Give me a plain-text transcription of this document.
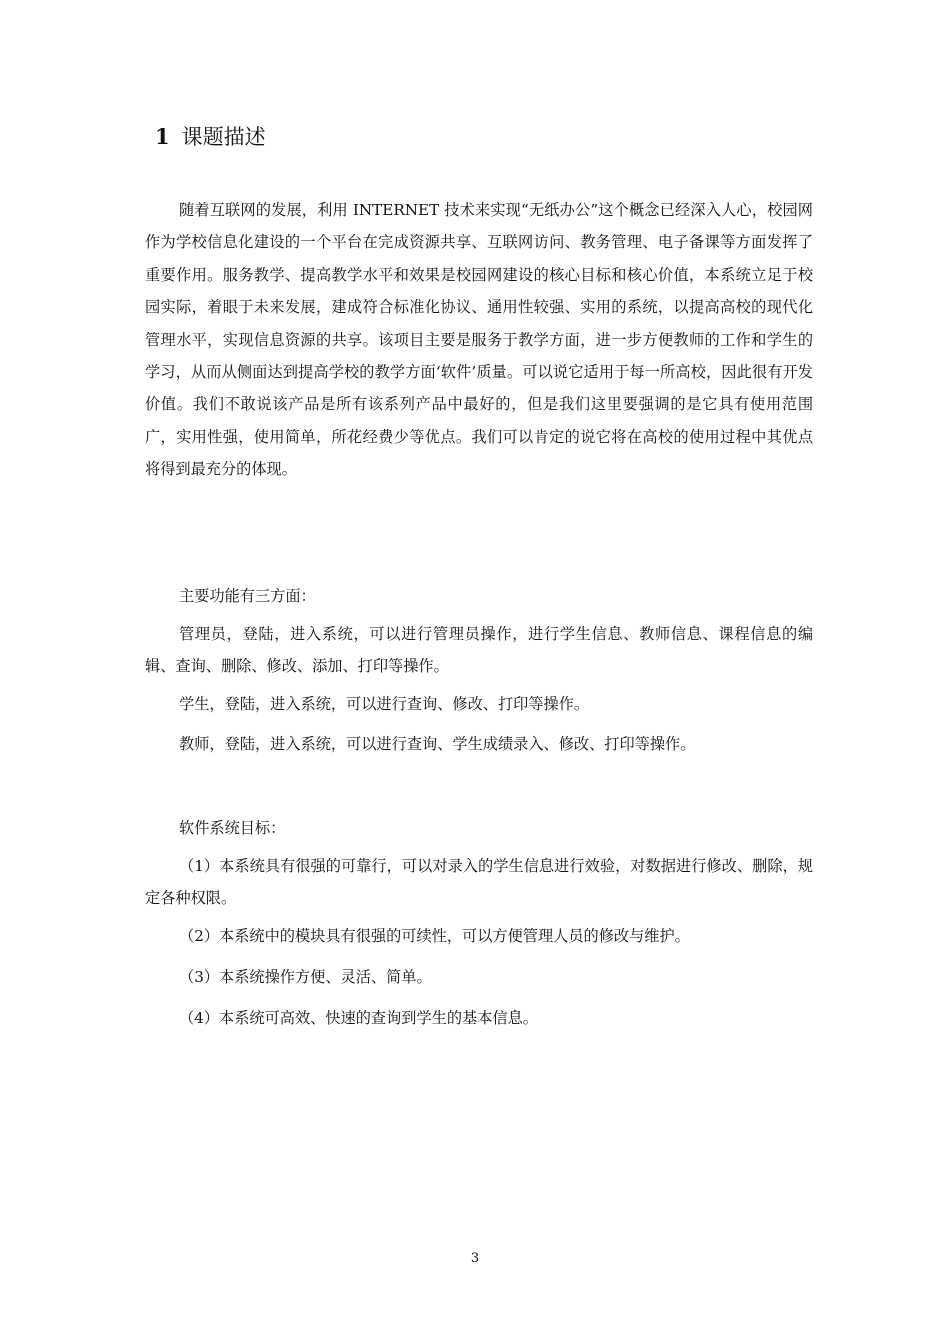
1 课题描述

随着互联网的发展，利用 INTERNET 技术来实现“无纸办公”这个概念已经深入人心，校园网作为学校信息化建设的一个平台在完成资源共享、互联网访问、教务管理、电子备课等方面发挥了重要作用。服务教学、提高教学水平和效果是校园网建设的核心目标和核心价值，本系统立足于校园实际，着眼于未来发展，建成符合标准化协议、通用性较强、实用的系统，以提高高校的现代化管理水平，实现信息资源的共享。该项目主要是服务于教学方面，进一步方便教师的工作和学生的学习，从而从侧面达到提高学校的教学方面‘软件’质量。可以说它适用于每一所高校，因此很有开发价值。我们不敢说该产品是所有该系列产品中最好的，但是我们这里要强调的是它具有使用范围广，实用性强，使用简单，所花经费少等优点。我们可以肯定的说它将在高校的使用过程中其优点将得到最充分的体现。

主要功能有三方面：

管理员，登陆，进入系统，可以进行管理员操作，进行学生信息、教师信息、课程信息的编辑、查询、删除、修改、添加、打印等操作。

学生，登陆，进入系统，可以进行查询、修改、打印等操作。

教师，登陆，进入系统，可以进行查询、学生成绩录入、修改、打印等操作。

软件系统目标：

（1）本系统具有很强的可靠行，可以对录入的学生信息进行效验，对数据进行修改、删除，规定各种权限。

（2）本系统中的模块具有很强的可续性，可以方便管理人员的修改与维护。

（3）本系统操作方便、灵活、简单。

（4）本系统可高效、快速的查询到学生的基本信息。

3
